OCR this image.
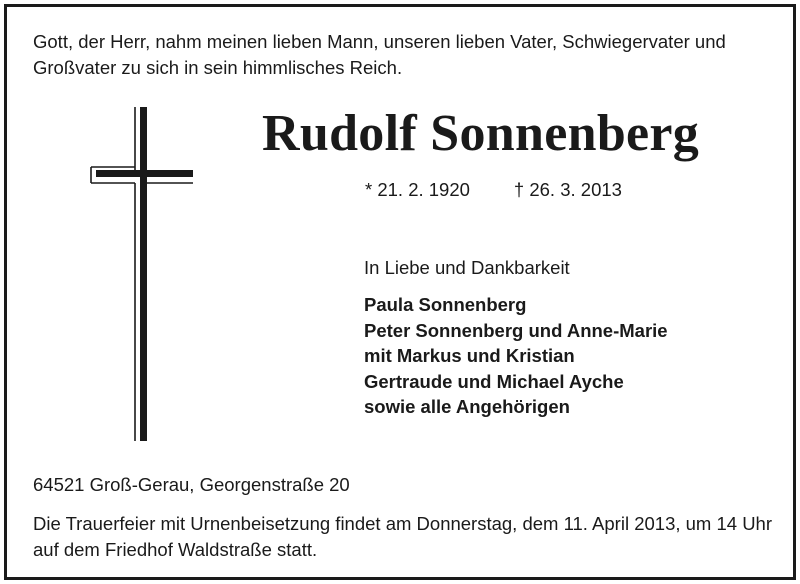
Gott, der Herr, nahm meinen lieben Mann, unseren lieben Vater, Schwiegervater und Großvater zu sich in sein himmlisches Reich.

Rudolf Sonnenberg
* 21. 2. 1920 † 26. 3. 2013

In Liebe und Dankbarkeit

Paula Sonnenberg
Peter Sonnenberg und Anne-Marie
mit Markus und Kristian
Gertraude und Michael Ayche
sowie alle Angehörigen

64521 Groß-Gerau, Georgenstraße 20

Die Trauerfeier mit Urnenbeisetzung findet am Donnerstag, dem 11. April 2013, um 14 Uhr auf dem Friedhof Waldstraße statt.
